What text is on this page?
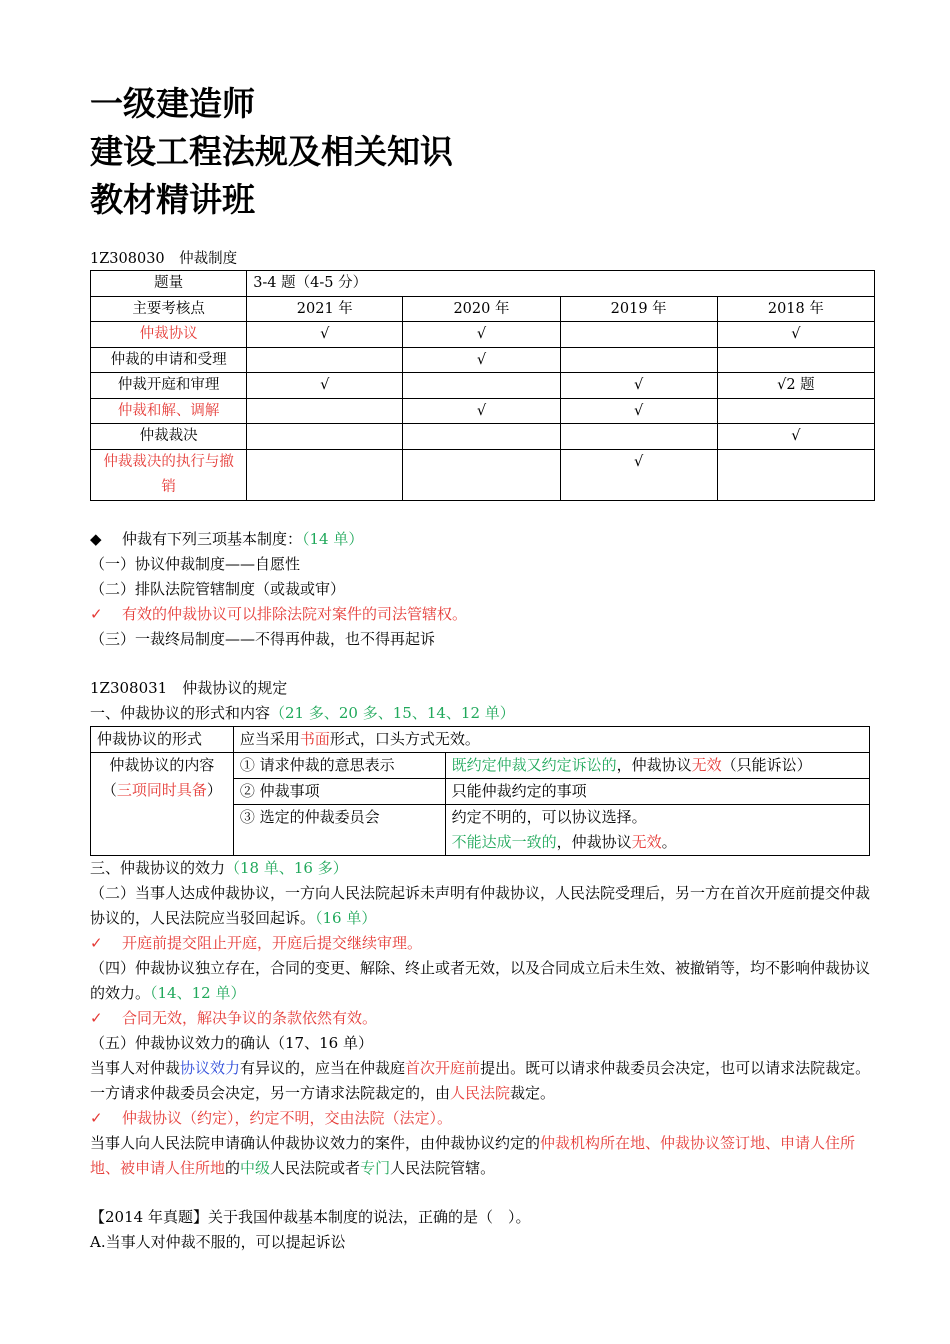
一级建造师
建设工程法规及相关知识
教材精讲班
1Z308030　仲裁制度
题量	3-4 题（4-5 分）			
主要考核点	2021 年	2020 年	2019 年	2018 年
仲裁协议	√	√		√
仲裁的申请和受理		√		
仲裁开庭和审理	√		√	√2 题
仲裁和解、调解		√	√	
仲裁裁决				√
仲裁裁决的执行与撤销			√	

◆ 仲裁有下列三项基本制度：（14 单）

（一）协议仲裁制度——自愿性

（二）排队法院管辖制度（或裁或审）

✓ 有效的仲裁协议可以排除法院对案件的司法管辖权。

（三）一裁终局制度——不得再仲裁，也不得再起诉

1Z308031　仲裁协议的规定

一、仲裁协议的形式和内容（21 多、20 多、15、14、12 单）

仲裁协议的形式	应当采用书面形式，口头方式无效。	

仲裁协议的内容
（三项同时具备）	① 请求仲裁的意思表示	既约定仲裁又约定诉讼的，仲裁协议无效（只能诉讼）
	② 仲裁事项	只能仲裁约定的事项
	③ 选定的仲裁委员会	约定不明的，可以协议选择。
不能达成一致的，仲裁协议无效。

三、仲裁协议的效力（18 单、16 多）

（二）当事人达成仲裁协议，一方向人民法院起诉未声明有仲裁协议，人民法院受理后，另一方在首次开庭前提交仲裁协议的，人民法院应当驳回起诉。（16 单）

✓ 开庭前提交阻止开庭，开庭后提交继续审理。

（四）仲裁协议独立存在，合同的变更、解除、终止或者无效，以及合同成立后未生效、被撤销等，均不影响仲裁协议的效力。（14、12 单）

✓ 合同无效，解决争议的条款依然有效。

（五）仲裁协议效力的确认（17、16 单）

当事人对仲裁协议效力有异议的，应当在仲裁庭首次开庭前提出。既可以请求仲裁委员会决定，也可以请求法院裁定。一方请求仲裁委员会决定，另一方请求法院裁定的，由人民法院裁定。

✓ 仲裁协议（约定），约定不明，交由法院（法定）。

当事人向人民法院申请确认仲裁协议效力的案件，由仲裁协议约定的仲裁机构所在地、仲裁协议签订地、申请人住所地、被申请人住所地的中级人民法院或者专门人民法院管辖。

【2014 年真题】关于我国仲裁基本制度的说法，正确的是（　）。

A.当事人对仲裁不服的，可以提起诉讼
